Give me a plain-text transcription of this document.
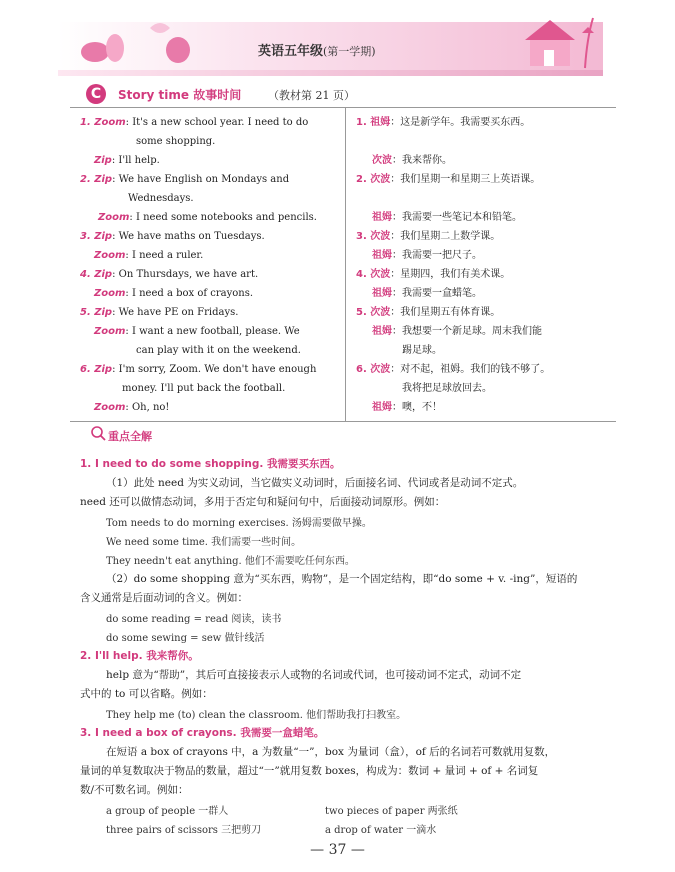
英语五年级(第一学期)
C	Story time 故事时间 （教材第 21 页）
1. Zoom: It's a new school year. I need to do
some shopping.
Zip: I'll help.
2. Zip: We have English on Mondays and
Wednesdays.
Zoom: I need some notebooks and pencils.
3. Zip: We have maths on Tuesdays.
Zoom: I need a ruler.
4. Zip: On Thursdays, we have art.
Zoom: I need a box of crayons.
5. Zip: We have PE on Fridays.
Zoom: I want a new football, please. We
can play with it on the weekend.
6. Zip: I'm sorry, Zoom. We don't have enough
money. I'll put back the football.
Zoom: Oh, no!
1. 祖姆：这是新学年。我需要买东西。
次波：我来帮你。
2. 次波：我们星期一和星期三上英语课。
祖姆：我需要一些笔记本和铅笔。
3. 次波：我们星期二上数学课。
祖姆：我需要一把尺子。
4. 次波：星期四，我们有美术课。
祖姆：我需要一盒蜡笔。
5. 次波：我们星期五有体育课。
祖姆：我想要一个新足球。周末我们能
踢足球。
6. 次波：对不起，祖姆。我们的钱不够了。
我将把足球放回去。
祖姆：噢，不！
重点全解
1. I need to do some shopping. 我需要买东西。
（1）此处 need 为实义动词，当它做实义动词时，后面接名词、代词或者是动词不定式。
need 还可以做情态动词，多用于否定句和疑问句中，后面接动词原形。例如：
Tom needs to do morning exercises. 汤姆需要做早操。
We need some time. 我们需要一些时间。
They needn't eat anything. 他们不需要吃任何东西。
（2）do some shopping 意为“买东西，购物”，是一个固定结构，即“do some + v. -ing”，短语的
含义通常是后面动词的含义。例如：
do some reading = read 阅读，读书
do some sewing = sew 做针线活
2. I'll help. 我来帮你。
help 意为“帮助”，其后可直接接表示人或物的名词或代词，也可接动词不定式，动词不定
式中的 to 可以省略。例如：
They help me (to) clean the classroom. 他们帮助我打扫教室。
3. I need a box of crayons. 我需要一盒蜡笔。
在短语 a box of crayons 中，a 为数量“一”，box 为量词（盒），of 后的名词若可数就用复数，
量词的单复数取决于物品的数量，超过“一”就用复数 boxes，构成为：数词 + 量词 + of + 名词复
数/不可数名词。例如：
a group of people 一群人	two pieces of paper 两张纸
three pairs of scissors 三把剪刀	a drop of water 一滴水
— 37 —
